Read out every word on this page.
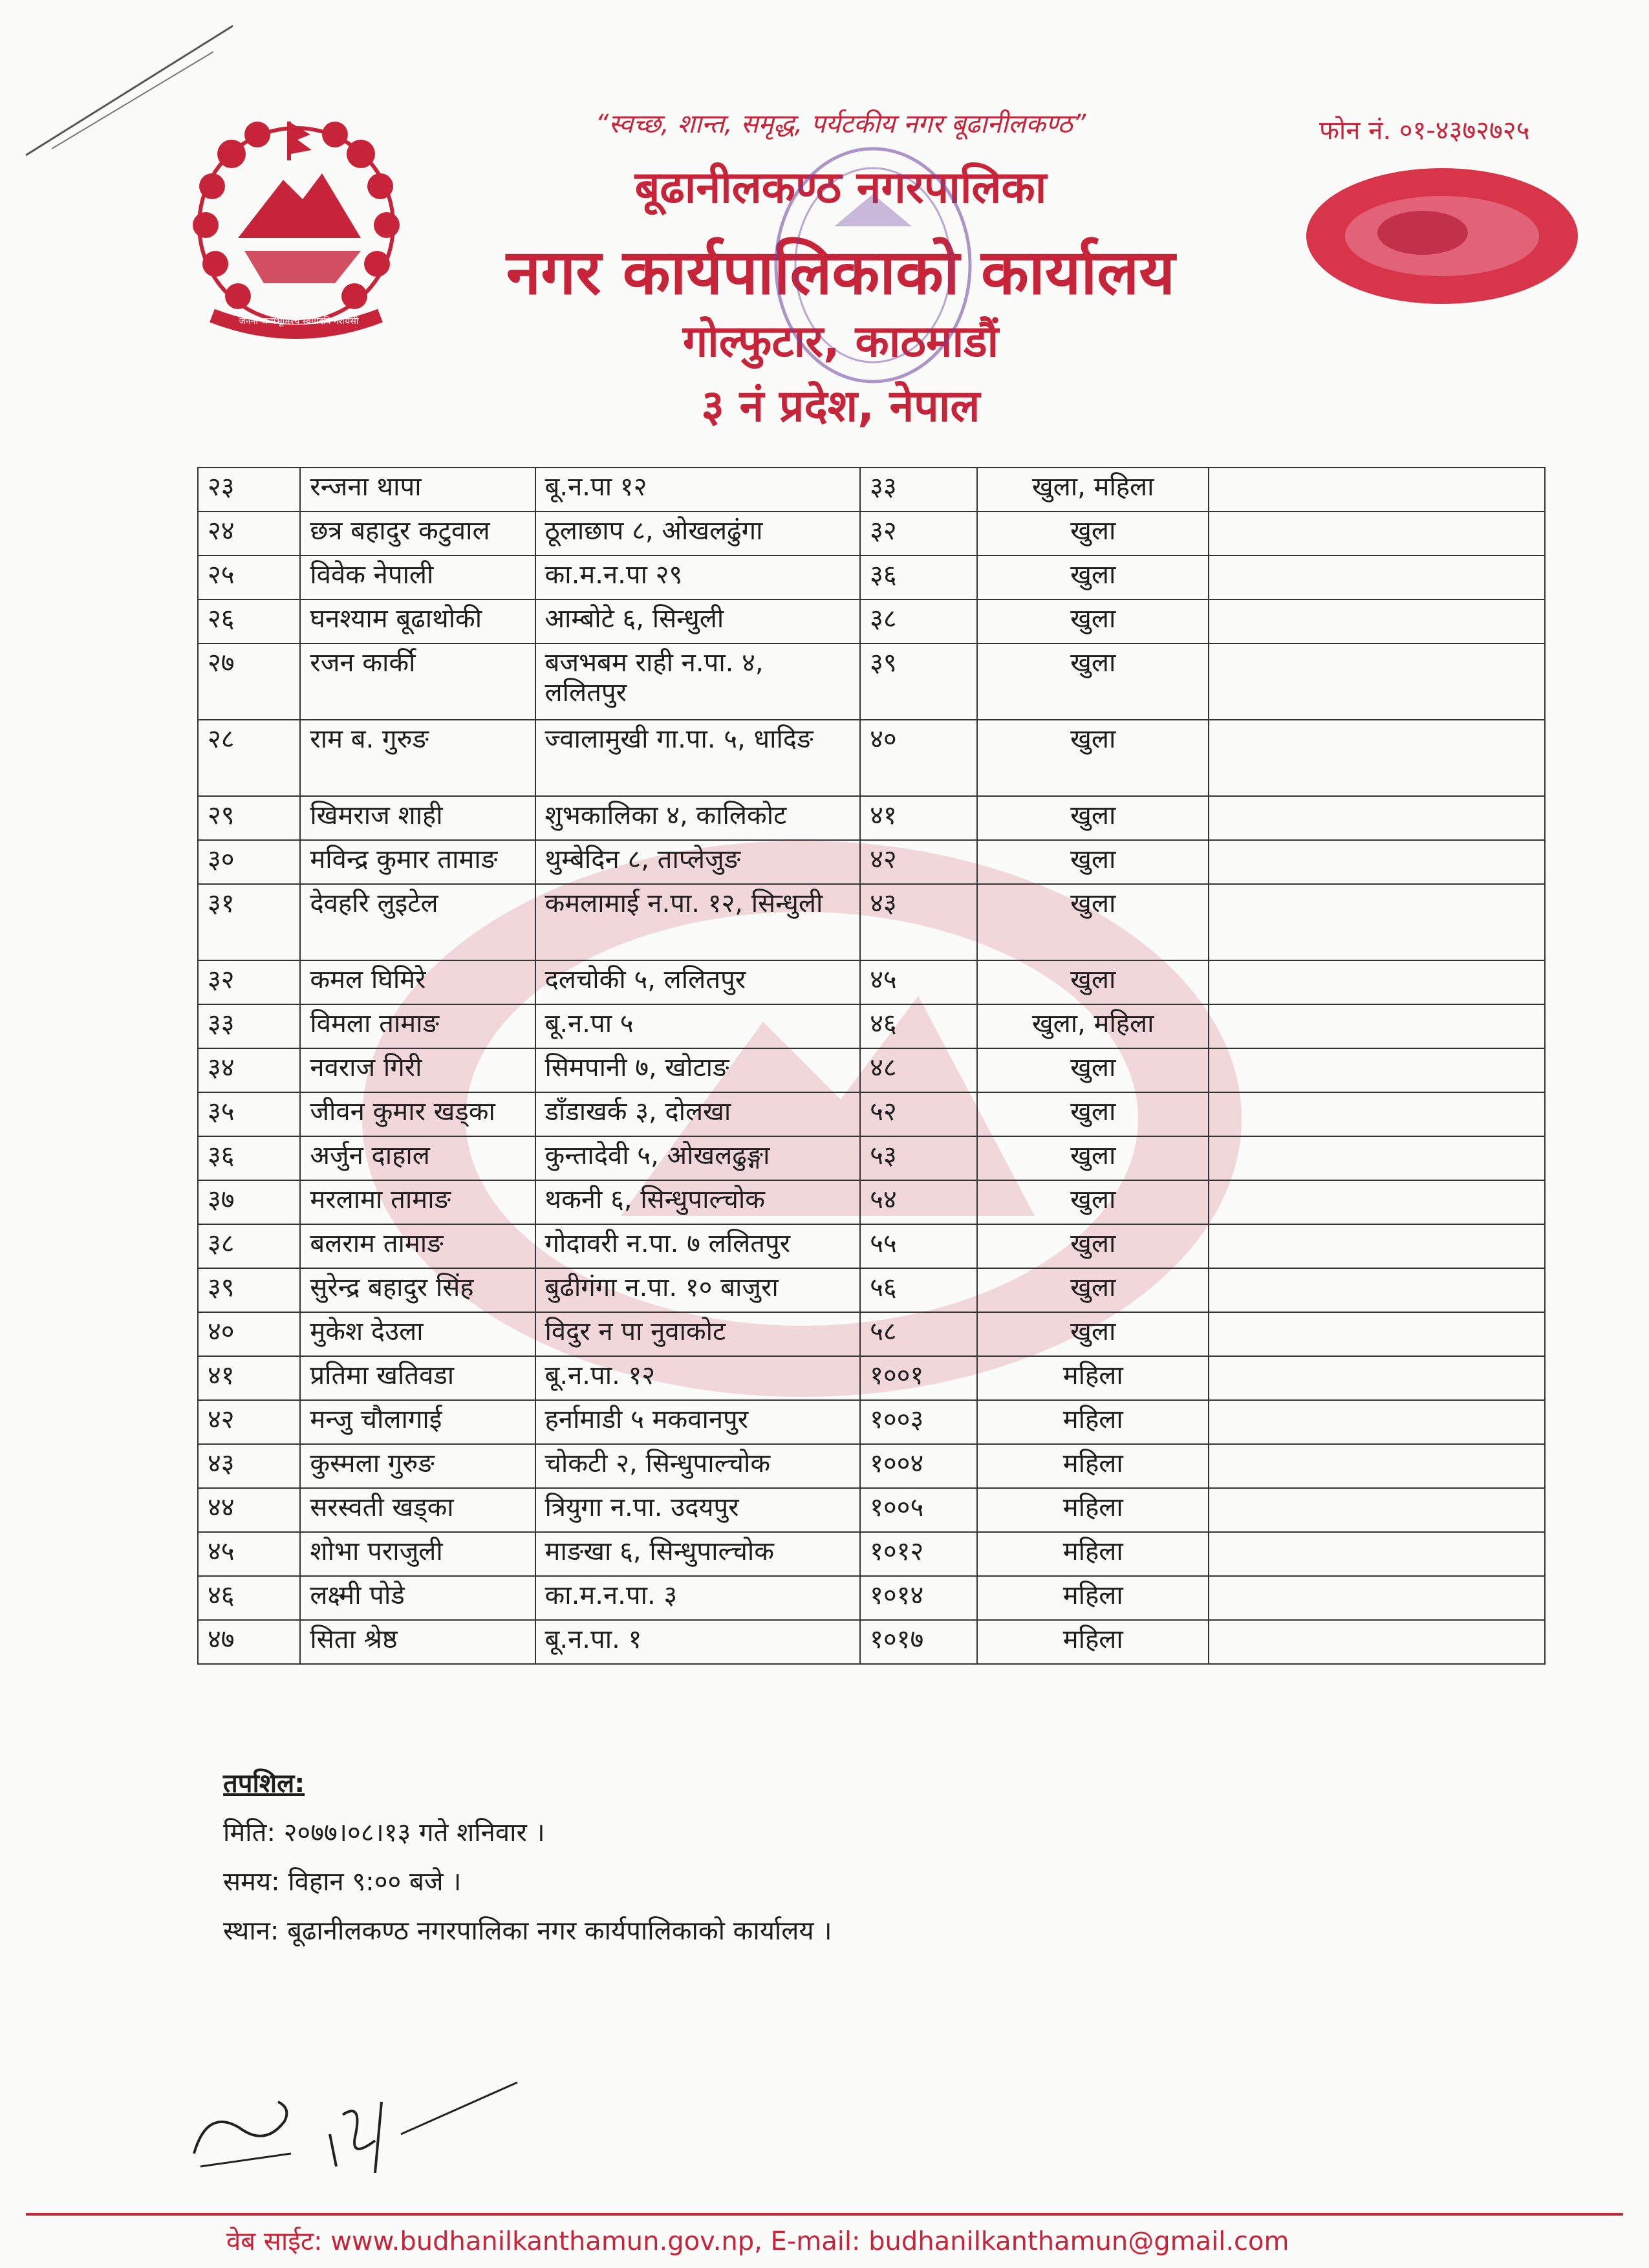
जननी जन्मभूमिश्च स्वर्गादपि गरीयसी
“स्वच्छ, शान्त, समृद्ध, पर्यटकीय नगर बूढानीलकण्ठ”	फोन नं. ०१-४३७२७२५
बूढानीलकण्ठ नगरपालिका
नगर कार्यपालिकाको कार्यालय
गोल्फुटार, काठमाडौं
३ नं प्रदेश, नेपाल
२३	रन्जना थापा	बू.न.पा १२	३३	खुला, महिला	
२४	छत्र बहादुर कटुवाल	ठूलाछाप ८, ओखलढुंगा	३२	खुला	
२५	विवेक नेपाली	का.म.न.पा २९	३६	खुला	
२६	घनश्याम बूढाथोकी	आम्बोटे ६, सिन्धुली	३८	खुला	
२७	रजन कार्की	बजभबम राही न.पा. ४, ललितपुर	३९	खुला	
२८	राम ब. गुरुङ	ज्वालामुखी गा.पा. ५, धादिङ	४०	खुला	
२९	खिमराज शाही	शुभकालिका ४, कालिकोट	४१	खुला	
३०	मविन्द्र कुमार तामाङ	थुम्बेदिन ८, ताप्लेजुङ	४२	खुला	
३१	देवहरि लुइटेल	कमलामाई न.पा. १२, सिन्धुली	४३	खुला	
३२	कमल घिमिरे	दलचोकी ५, ललितपुर	४५	खुला	
३३	विमला तामाङ	बू.न.पा ५	४६	खुला, महिला	
३४	नवराज गिरी	सिमपानी ७, खोटाङ	४८	खुला	
३५	जीवन कुमार खड्का	डाँडाखर्क ३, दोलखा	५२	खुला	
३६	अर्जुन दाहाल	कुन्तादेवी ५, ओखलढुङ्गा	५३	खुला	
३७	मरलामा तामाङ	थकनी ६, सिन्धुपाल्चोक	५४	खुला	
३८	बलराम तामाङ	गोदावरी न.पा. ७ ललितपुर	५५	खुला	
३९	सुरेन्द्र बहादुर सिंह	बुढीगंगा न.पा. १० बाजुरा	५६	खुला	
४०	मुकेश देउला	विदुर न पा नुवाकोट	५८	खुला	
४१	प्रतिमा खतिवडा	बू.न.पा. १२	१००१	महिला	
४२	मन्जु चौलागाई	हर्नामाडी ५ मकवानपुर	१००३	महिला	
४३	कुस्मला गुरुङ	चोकटी २, सिन्धुपाल्चोक	१००४	महिला	
४४	सरस्वती खड्का	त्रियुगा न.पा. उदयपुर	१००५	महिला	
४५	शोभा पराजुली	माङखा ६, सिन्धुपाल्चोक	१०१२	महिला	
४६	लक्ष्मी पोडे	का.म.न.पा. ३	१०१४	महिला	
४७	सिता श्रेष्ठ	बू.न.पा. १	१०१७	महिला	
तपशिल:
मिति: २०७७।०८।१३ गते शनिवार ।
समय: विहान ९:०० बजे ।
स्थान: बूढानीलकण्ठ नगरपालिका नगर कार्यपालिकाको कार्यालय ।
वेब साईट: www.budhanilkanthamun.gov.np, E-mail: budhanilkanthamun@gmail.com
